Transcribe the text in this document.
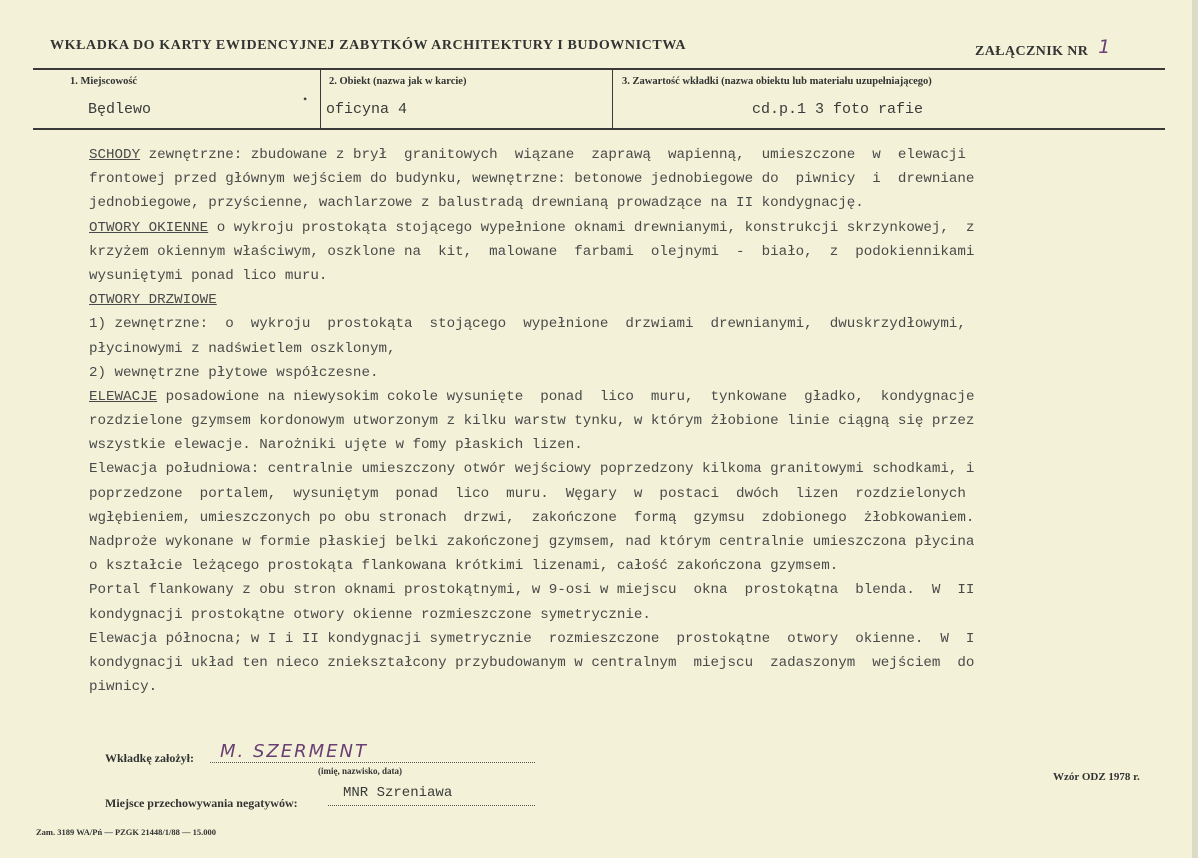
WKŁADKA DO KARTY EWIDENCYJNEJ ZABYTKÓW ARCHITEKTURY I BUDOWNICTWA	ZAŁĄCZNIK NR 1
1. Miejscowość
Będlewo
•
2. Obiekt (nazwa jak w karcie)
oficyna 4
3. Zawartość wkładki (nazwa obiektu lub materiału uzupełniającego)
cd.p.1 3 foto rafie
SCHODY zewnętrzne: zbudowane z brył  granitowych  wiązane  zaprawą  wapienną,  umieszczone  w  elewacji
frontowej przed głównym wejściem do budynku, wewnętrzne: betonowe jednobiegowe do  piwnicy  i  drewniane
jednobiegowe, przyścienne, wachlarzowe z balustradą drewnianą prowadzące na II kondygnację.
OTWORY OKIENNE o wykroju prostokąta stojącego wypełnione oknami drewnianymi, konstrukcji skrzynkowej,  z
krzyżem okiennym właściwym, oszklone na  kit,  malowane  farbami  olejnymi  -  biało,  z  podokiennikami
wysuniętymi ponad lico muru.
OTWORY DRZWIOWE
1) zewnętrzne:  o  wykroju  prostokąta  stojącego  wypełnione  drzwiami  drewnianymi,  dwuskrzydłowymi,
płycinowymi z nadświetlem oszklonym,
2) wewnętrzne płytowe współczesne.
ELEWACJE posadowione na niewysokim cokole wysunięte  ponad  lico  muru,  tynkowane  gładko,  kondygnacje
rozdzielone gzymsem kordonowym utworzonym z kilku warstw tynku, w którym żłobione linie ciągną się przez
wszystkie elewacje. Narożniki ujęte w fomy płaskich lizen.
Elewacja południowa: centralnie umieszczony otwór wejściowy poprzedzony kilkoma granitowymi schodkami, i
poprzedzone  portalem,  wysuniętym  ponad  lico  muru.  Węgary  w  postaci  dwóch  lizen  rozdzielonych
wgłębieniem, umieszczonych po obu stronach  drzwi,  zakończone  formą  gzymsu  zdobionego  żłobkowaniem.
Nadproże wykonane w formie płaskiej belki zakończonej gzymsem, nad którym centralnie umieszczona płycina
o kształcie leżącego prostokąta flankowana krótkimi lizenami, całość zakończona gzymsem.
Portal flankowany z obu stron oknami prostokątnymi, w 9-osi w miejscu  okna  prostokątna  blenda.  W  II
kondygnacji prostokątne otwory okienne rozmieszczone symetrycznie.
Elewacja północna; w I i II kondygnacji symetrycznie  rozmieszczone  prostokątne  otwory  okienne.  W  I
kondygnacji układ ten nieco zniekształcony przybudowanym w centralnym  miejscu  zadaszonym  wejściem  do
piwnicy.
Wkładkę założył: M. SZERMENT
(imię, nazwisko, data)	Wzór ODZ 1978 r.
Miejsce przechowywania negatywów:
MNR Szreniawa
Zam. 3189 WA/Pń — PZGK 21448/1/88 — 15.000
